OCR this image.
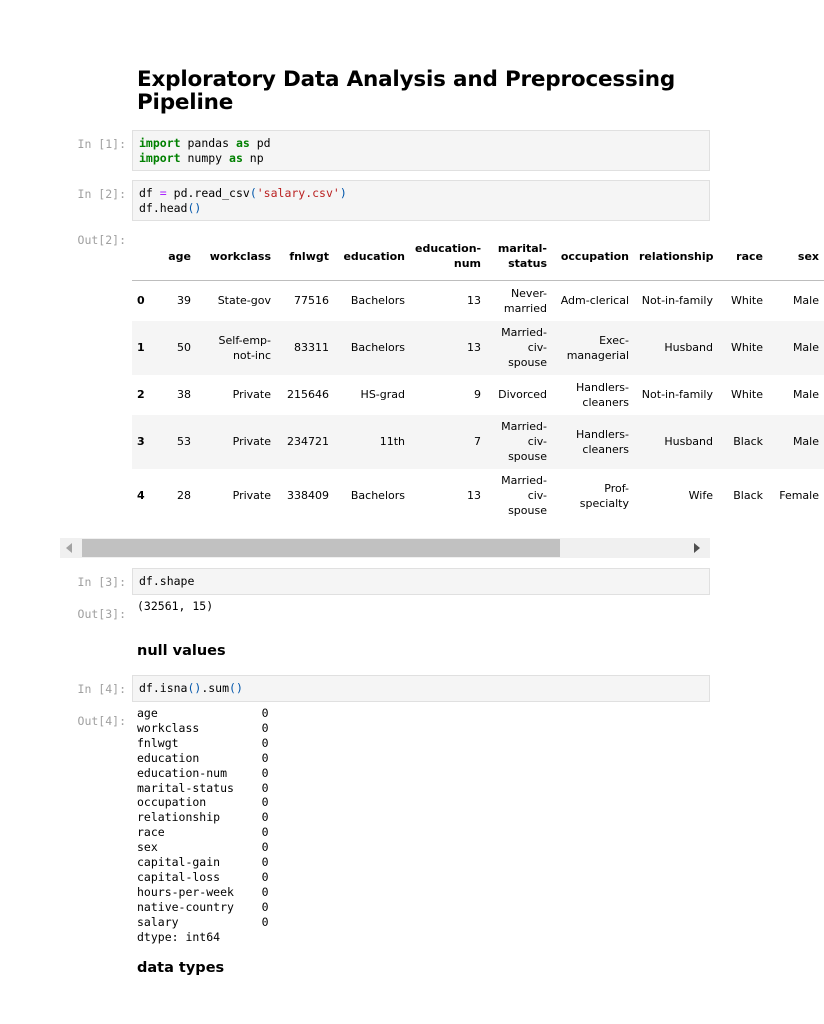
Exploratory Data Analysis and Preprocessing Pipeline
In [1]:	import pandas as pd
import numpy as np
In [2]:	df = pd.read_csv('salary.csv')
df.head()
Out[2]:
	age	workclass	fnlwgt	education	education-num	marital-status	occupation	relationship	race	sex
0	39	State-gov	77516	Bachelors	13	Never-married	Adm-clerical	Not-in-family	White	Male
1	50	Self-emp-not-inc	83311	Bachelors	13	Married-civ-spouse	Exec-managerial	Husband	White	Male
2	38	Private	215646	HS-grad	9	Divorced	Handlers-cleaners	Not-in-family	White	Male
3	53	Private	234721	11th	7	Married-civ-spouse	Handlers-cleaners	Husband	Black	Male
4	28	Private	338409	Bachelors	13	Married-civ-spouse	Prof-specialty	Wife	Black	Female
In [3]:	df.shape
Out[3]:
(32561, 15)
null values
In [4]:	df.isna().sum()
Out[4]:
age               0
workclass         0
fnlwgt            0
education         0
education-num     0
marital-status    0
occupation        0
relationship      0
race              0
sex               0
capital-gain      0
capital-loss      0
hours-per-week    0
native-country    0
salary            0
dtype: int64
data types
